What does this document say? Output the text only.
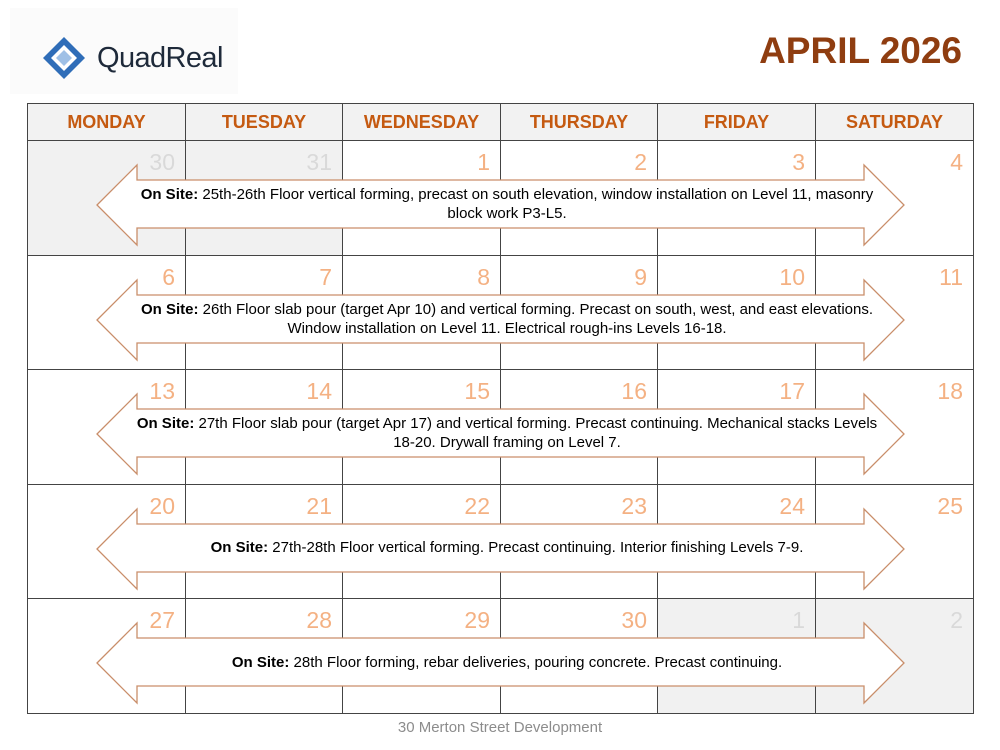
QuadReal	APRIL 2026
MONDAY	TUESDAY	WEDNESDAY	THURSDAY	FRIDAY	SATURDAY
30	31	1	2	3	4
On Site: 25th-26th Floor vertical forming, precast on south elevation, window installation on Level 11, masonry block work P3-L5.
6	7	8	9	10	11
On Site: 26th Floor slab pour (target Apr 10) and vertical forming. Precast on south, west, and east elevations. Window installation on Level 11. Electrical rough-ins Levels 16-18.
13	14	15	16	17	18
On Site: 27th Floor slab pour (target Apr 17) and vertical forming. Precast continuing. Mechanical stacks Levels 18-20. Drywall framing on Level 7.
20	21	22	23	24	25
On Site: 27th-28th Floor vertical forming. Precast continuing. Interior finishing Levels 7-9.
27	28	29	30	1	2
On Site: 28th Floor forming, rebar deliveries, pouring concrete. Precast continuing.
30 Merton Street Development
